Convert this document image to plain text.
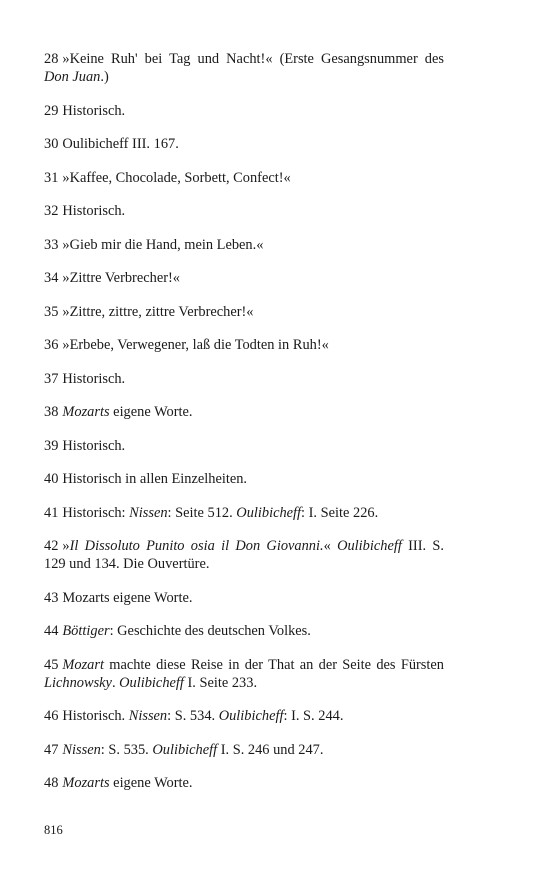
28 »Keine Ruh' bei Tag und Nacht!« (Erste Gesangsnummer des Don Juan.)

29 Historisch.

30 Oulibicheff III. 167.

31 »Kaffee, Chocolade, Sorbett, Confect!«

32 Historisch.

33 »Gieb mir die Hand, mein Leben.«

34 »Zittre Verbrecher!«

35 »Zittre, zittre, zittre Verbrecher!«

36 »Erbebe, Verwegener, laß die Todten in Ruh!«

37 Historisch.

38 Mozarts eigene Worte.

39 Historisch.

40 Historisch in allen Einzelheiten.

41 Historisch: Nissen: Seite 512. Oulibicheff: I. Seite 226.

42 »Il Dissoluto Punito osia il Don Giovanni.« Oulibicheff III. S. 129 und 134. Die Ouvertüre.

43 Mozarts eigene Worte.

44 Böttiger: Geschichte des deutschen Volkes.

45 Mozart machte diese Reise in der That an der Seite des Fürsten Lichnowsky. Oulibicheff I. Seite 233.

46 Historisch. Nissen: S. 534. Oulibicheff: I. S. 244.

47 Nissen: S. 535. Oulibicheff I. S. 246 und 247.

48 Mozarts eigene Worte.

816
